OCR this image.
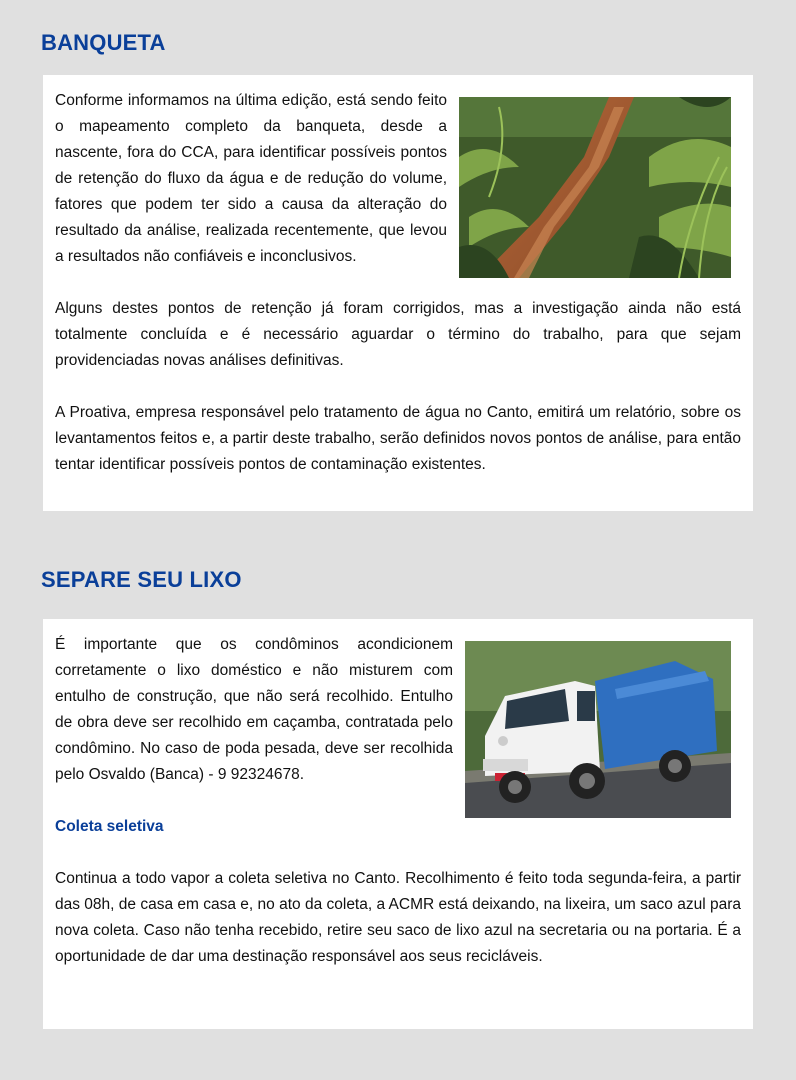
BANQUETA

Conforme informamos na última edição, está sendo feito o mapeamento completo da banqueta, desde a nascente, fora do CCA, para identificar possíveis pontos de retenção do fluxo da água e de redução do volume, fatores que podem ter sido a causa da alteração do resultado da análise, realizada recentemente, que levou a resultados não confiáveis e inconclusivos.

Alguns destes pontos de retenção já foram corrigidos, mas a investigação ainda não está totalmente concluída e é necessário aguardar o término do trabalho, para que sejam providenciadas novas análises definitivas.

A Proativa, empresa responsável pelo tratamento de água no Canto, emitirá um relatório, sobre os levantamentos feitos e, a partir deste trabalho, serão definidos novos pontos de análise, para então tentar identificar possíveis pontos de contaminação existentes.

SEPARE SEU LIXO

É importante que os condôminos acondicionem corretamente o lixo doméstico e não misturem com entulho de construção, que não será recolhido. Entulho de obra deve ser recolhido em caçamba, contratada pelo condômino. No caso de poda pesada, deve ser recolhida pelo Osvaldo (Banca) - 9 92324678.

Coleta seletiva

Continua a todo vapor a coleta seletiva no Canto. Recolhimento é feito toda segunda-feira, a partir das 08h, de casa em casa e, no ato da coleta, a ACMR está deixando, na lixeira, um saco azul para nova coleta. Caso não tenha recebido, retire seu saco de lixo azul na secretaria ou na portaria. É a oportunidade de dar uma destinação responsável aos seus recicláveis.
